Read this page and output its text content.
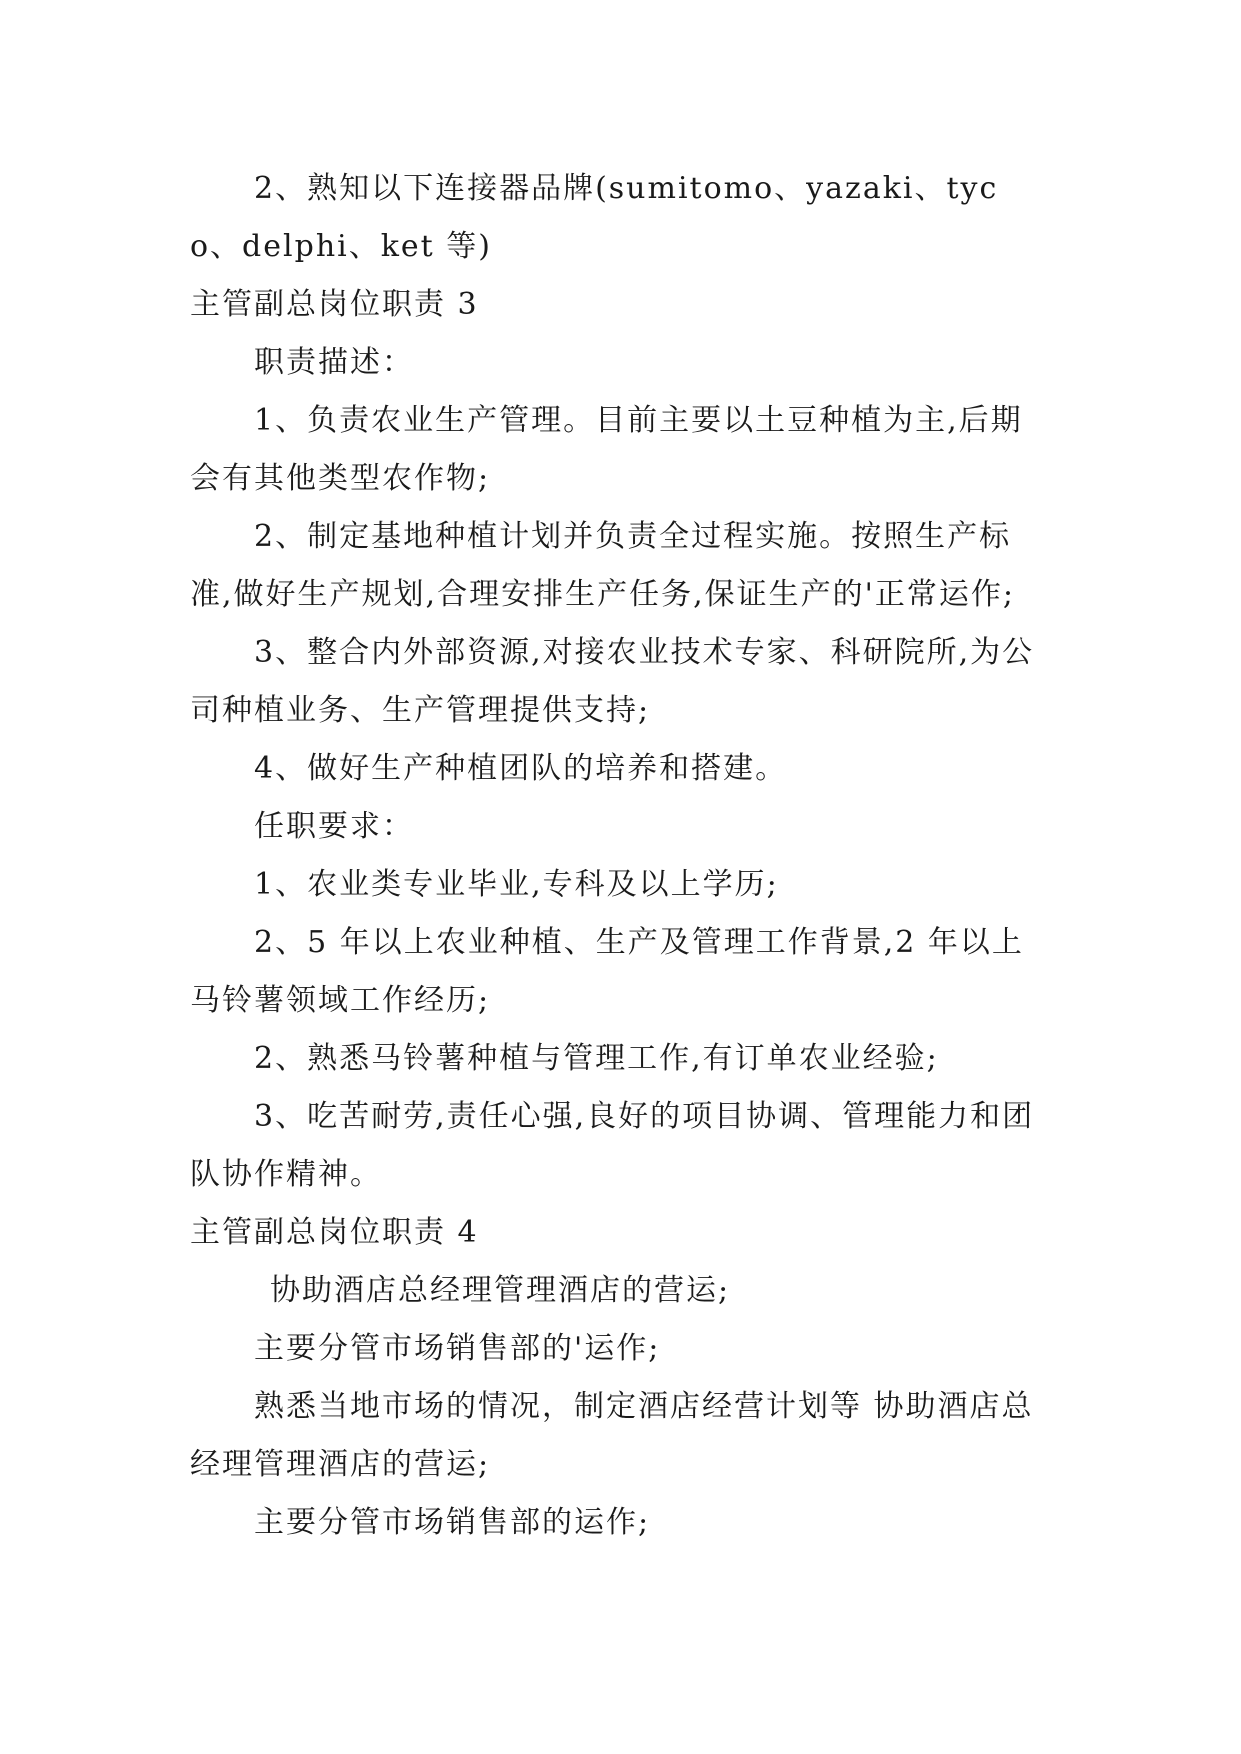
2、熟知以下连接器品牌(sumitomo、yazaki、tyco、delphi、ket 等)

主管副总岗位职责 3

职责描述：

1、负责农业生产管理。目前主要以土豆种植为主,后期会有其他类型农作物;

2、制定基地种植计划并负责全过程实施。按照生产标准,做好生产规划,合理安排生产任务,保证生产的'正常运作;

3、整合内外部资源,对接农业技术专家、科研院所,为公司种植业务、生产管理提供支持;

4、做好生产种植团队的培养和搭建。

任职要求：

1、农业类专业毕业,专科及以上学历;

2、5 年以上农业种植、生产及管理工作背景,2 年以上马铃薯领域工作经历;

2、熟悉马铃薯种植与管理工作,有订单农业经验;

3、吃苦耐劳,责任心强,良好的项目协调、管理能力和团队协作精神。

主管副总岗位职责 4

协助酒店总经理管理酒店的营运;

主要分管市场销售部的'运作;

熟悉当地市场的情况，制定酒店经营计划等 协助酒店总经理管理酒店的营运;

主要分管市场销售部的运作;
